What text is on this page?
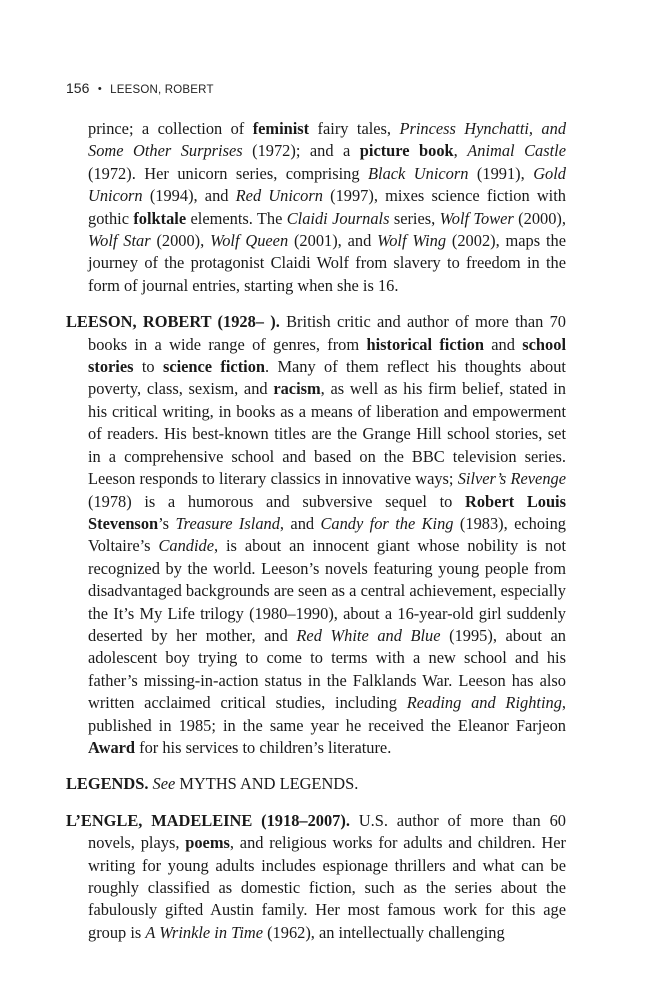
156 • LEESON, ROBERT

prince; a collection of feminist fairy tales, Princess Hynchatti, and Some Other Surprises (1972); and a picture book, Animal Castle (1972). Her unicorn series, comprising Black Unicorn (1991), Gold Unicorn (1994), and Red Unicorn (1997), mixes science fiction with gothic folktale elements. The Claidi Journals series, Wolf Tower (2000), Wolf Star (2000), Wolf Queen (2001), and Wolf Wing (2002), maps the journey of the protagonist Claidi Wolf from slavery to freedom in the form of journal entries, starting when she is 16.

LEESON, ROBERT (1928– ). British critic and author of more than 70 books in a wide range of genres, from historical fiction and school stories to science fiction. Many of them reflect his thoughts about poverty, class, sexism, and racism, as well as his firm belief, stated in his critical writing, in books as a means of liberation and empowerment of readers. His best-known titles are the Grange Hill school stories, set in a comprehensive school and based on the BBC television series. Leeson responds to literary classics in innovative ways; Silver’s Revenge (1978) is a humorous and subversive sequel to Robert Louis Stevenson’s Treasure Island, and Candy for the King (1983), echoing Voltaire’s Candide, is about an innocent giant whose nobility is not recognized by the world. Leeson’s novels featuring young people from disadvantaged backgrounds are seen as a central achievement, especially the It’s My Life trilogy (1980–1990), about a 16-year-old girl suddenly deserted by her mother, and Red White and Blue (1995), about an adolescent boy trying to come to terms with a new school and his father’s missing-in-action status in the Falklands War. Leeson has also written acclaimed critical studies, including Reading and Righting, published in 1985; in the same year he received the Eleanor Farjeon Award for his services to children’s literature.

LEGENDS. See MYTHS AND LEGENDS.

L’ENGLE, MADELEINE (1918–2007). U.S. author of more than 60 novels, plays, poems, and religious works for adults and children. Her writing for young adults includes espionage thrillers and what can be roughly classified as domestic fiction, such as the series about the fabulously gifted Austin family. Her most famous work for this age group is A Wrinkle in Time (1962), an intellectually challenging
